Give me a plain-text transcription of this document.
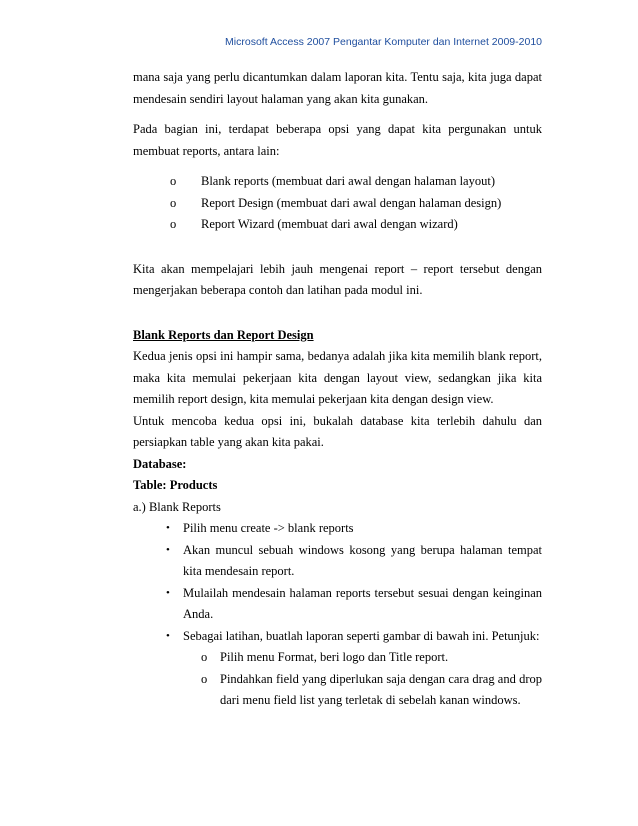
Microsoft Access 2007 Pengantar Komputer dan Internet 2009-2010

mana saja yang perlu dicantumkan dalam laporan kita. Tentu saja, kita juga dapat mendesain sendiri layout halaman yang akan kita gunakan.

Pada bagian ini, terdapat beberapa opsi yang dapat kita pergunakan untuk membuat reports, antara lain:

o Blank reports (membuat dari awal dengan halaman layout)
o Report Design (membuat dari awal dengan halaman design)
o Report Wizard (membuat dari awal dengan wizard)

Kita akan mempelajari lebih jauh mengenai report – report tersebut dengan mengerjakan beberapa contoh dan latihan pada modul ini.

Blank Reports dan Report Design

Kedua jenis opsi ini hampir sama, bedanya adalah jika kita memilih blank report, maka kita memulai pekerjaan kita dengan layout view, sedangkan jika kita memilih report design, kita memulai pekerjaan kita dengan design view.

Untuk mencoba kedua opsi ini, bukalah database kita terlebih dahulu dan persiapkan table yang akan kita pakai.

Database:

Table: Products

a.) Blank Reports

• Pilih menu create -> blank reports
• Akan muncul sebuah windows kosong yang berupa halaman tempat kita mendesain report.
• Mulailah mendesain halaman reports tersebut sesuai dengan keinginan Anda.
• Sebagai latihan, buatlah laporan seperti gambar di bawah ini. Petunjuk:
o Pilih menu Format, beri logo dan Title report.
o Pindahkan field yang diperlukan saja dengan cara drag and drop dari menu field list yang terletak di sebelah kanan windows.
